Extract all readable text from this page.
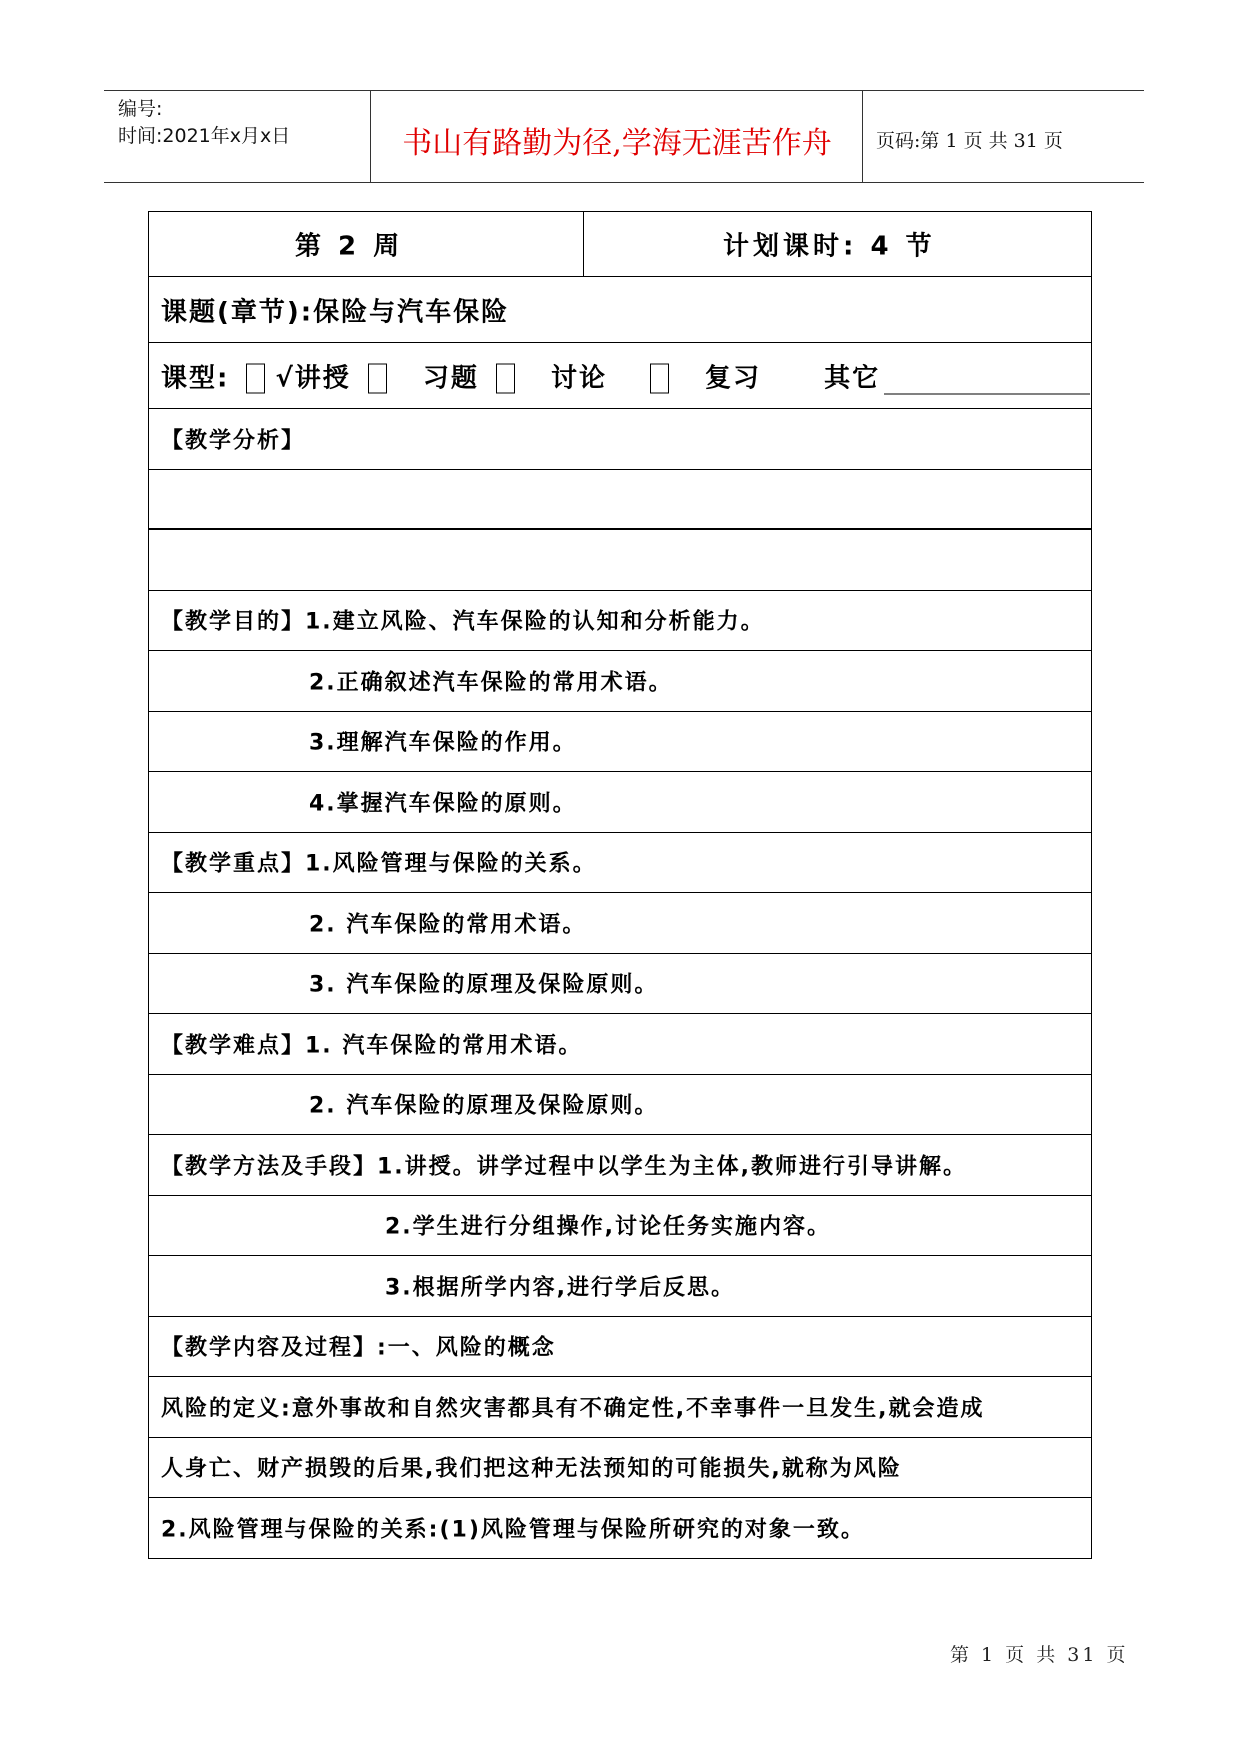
编号:
时间:2021年x月x日	书山有路勤为径,学海无涯苦作舟	页码:第 1 页 共 31 页
第 2 周	计划课时: 4 节
课题(章节):保险与汽车保险
课型: √讲授	习题	讨论	复习 其它
【教学分析】
【教学目的】1.建立风险、汽车保险的认知和分析能力。
2.正确叙述汽车保险的常用术语。
3.理解汽车保险的作用。
4.掌握汽车保险的原则。
【教学重点】1.风险管理与保险的关系。
2. 汽车保险的常用术语。
3. 汽车保险的原理及保险原则。
【教学难点】1. 汽车保险的常用术语。
2. 汽车保险的原理及保险原则。
【教学方法及手段】1.讲授。讲学过程中以学生为主体,教师进行引导讲解。
2.学生进行分组操作,讨论任务实施内容。
3.根据所学内容,进行学后反思。
【教学内容及过程】:一、风险的概念
风险的定义:意外事故和自然灾害都具有不确定性,不幸事件一旦发生,就会造成
人身亡、财产损毁的后果,我们把这种无法预知的可能损失,就称为风险
2.风险管理与保险的关系:(1)风险管理与保险所研究的对象一致。
第 1 页 共 31 页
